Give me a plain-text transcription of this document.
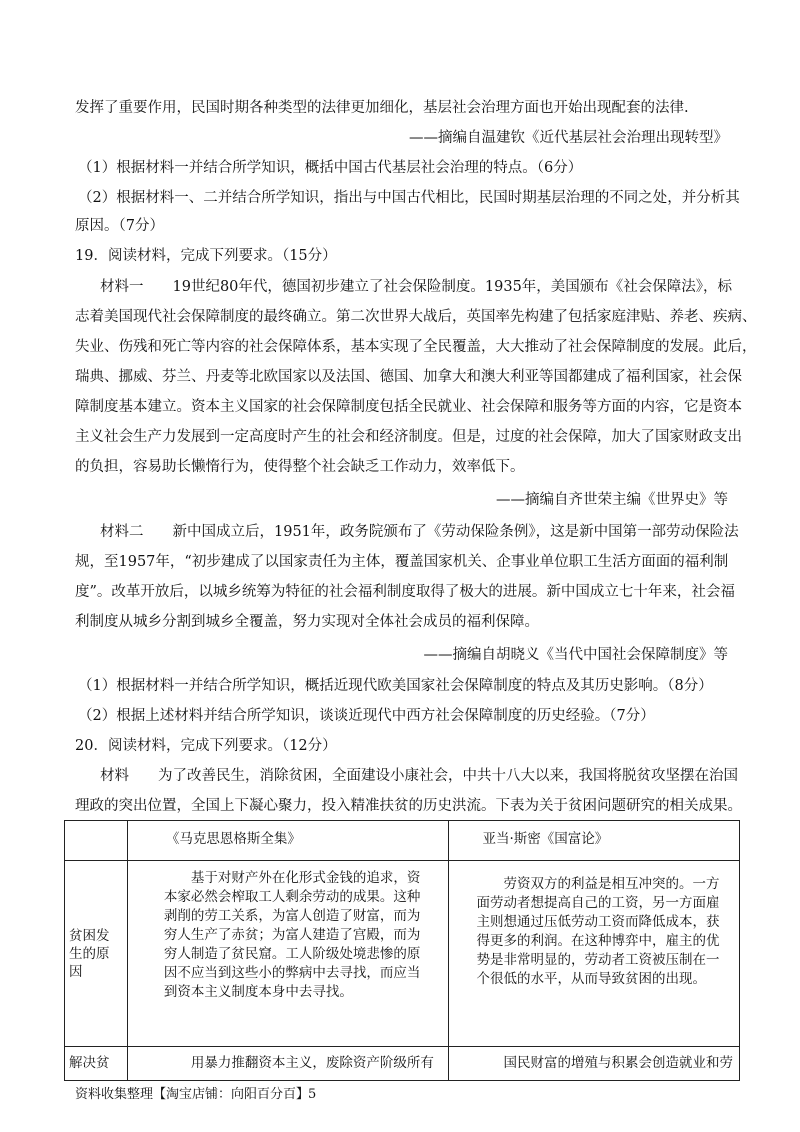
发挥了重要作用，民国时期各种类型的法律更加细化，基层社会治理方面也开始出现配套的法律.
——摘编自温建钦《近代基层社会治理出现转型》
（1）根据材料一并结合所学知识，概括中国古代基层社会治理的特点。（6分）
（2）根据材料一、二并结合所学知识，指出与中国古代相比，民国时期基层治理的不同之处，并分析其
原因。（7分）
19．阅读材料，完成下列要求。（15分）
材料一　　19世纪80年代，德国初步建立了社会保险制度。1935年，美国颁布《社会保障法》，标
志着美国现代社会保障制度的最终确立。第二次世界大战后，英国率先构建了包括家庭津贴、养老、疾病、
失业、伤残和死亡等内容的社会保障体系，基本实现了全民覆盖，大大推动了社会保障制度的发展。此后，
瑞典、挪威、芬兰、丹麦等北欧国家以及法国、德国、加拿大和澳大利亚等国都建成了福利国家，社会保
障制度基本建立。资本主义国家的社会保障制度包括全民就业、社会保障和服务等方面的内容，它是资本
主义社会生产力发展到一定高度时产生的社会和经济制度。但是，过度的社会保障，加大了国家财政支出
的负担，容易助长懒惰行为，使得整个社会缺乏工作动力，效率低下。
——摘编自齐世荣主编《世界史》等
材料二　　新中国成立后，1951年，政务院颁布了《劳动保险条例》，这是新中国第一部劳动保险法
规，至1957年，“初步建成了以国家责任为主体，覆盖国家机关、企事业单位职工生活方面面的福利制
度”。改革开放后，以城乡统筹为特征的社会福利制度取得了极大的进展。新中国成立七十年来，社会福
利制度从城乡分割到城乡全覆盖，努力实现对全体社会成员的福利保障。
——摘编自胡晓义《当代中国社会保障制度》等
（1）根据材料一并结合所学知识，概括近现代欧美国家社会保障制度的特点及其历史影响。（8分）
（2）根据上述材料并结合所学知识，谈谈近现代中西方社会保障制度的历史经验。（7分）
20．阅读材料，完成下列要求。（12分）
材料　　为了改善民生，消除贫困，全面建设小康社会，中共十八大以来，我国将脱贫攻坚摆在治国
理政的突出位置，全国上下凝心聚力，投入精准扶贫的历史洪流。下表为关于贫困问题研究的相关成果。

	《马克思恩格斯全集》	亚当·斯密《国富论》

贫困发生的原因	基于对财产外在化形式金钱的追求，资本家必然会榨取工人剩余劳动的成果。这种剥削的劳工关系，为富人创造了财富，而为穷人生产了赤贫；为富人建造了宫殿，而为穷人制造了贫民窟。工人阶级处境悲惨的原因不应当到这些小的弊病中去寻找，而应当到资本主义制度本身中去寻找。	劳资双方的利益是相互冲突的。一方面劳动者想提高自己的工资，另一方面雇主则想通过压低劳动工资而降低成本，获得更多的利润。在这种博弈中，雇主的优势是非常明显的，劳动者工资被压制在一个很低的水平，从而导致贫困的出现。

解决贫	用暴力推翻资本主义，废除资产阶级所有	国民财富的增殖与积累会创造就业和劳
资料收集整理【淘宝店铺：向阳百分百】
5
